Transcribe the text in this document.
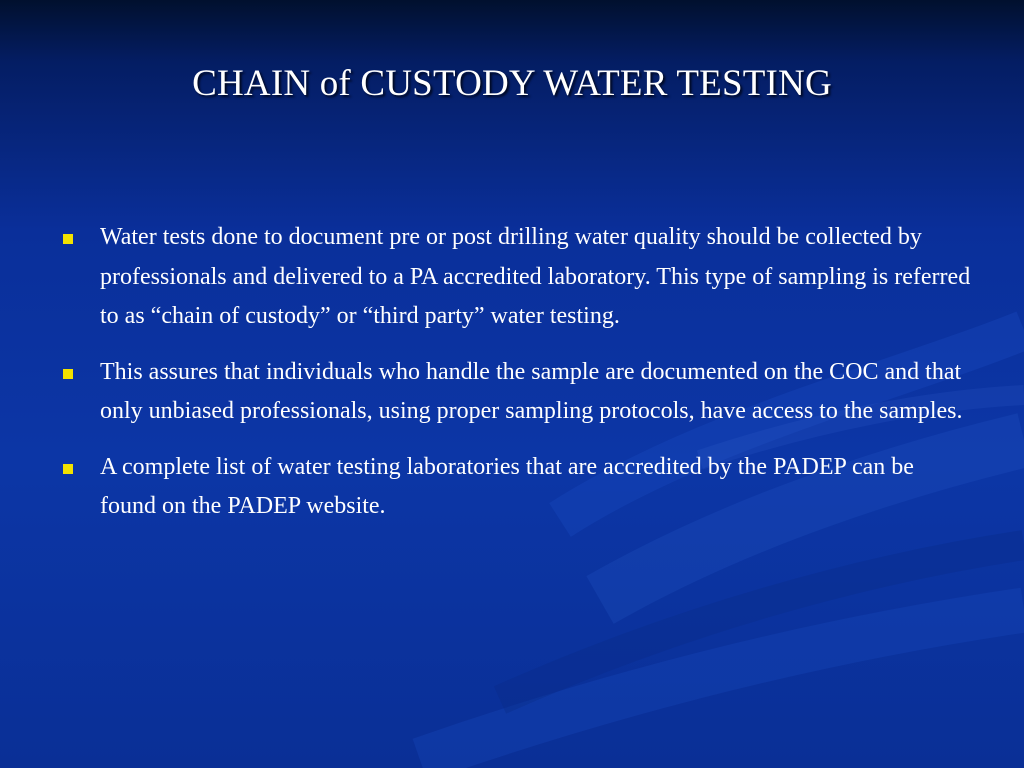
CHAIN of CUSTODY WATER TESTING
Water tests done to document pre or post drilling water quality should be collected by professionals and delivered to a PA accredited laboratory. This type of sampling is referred to as “chain of custody” or “third party” water testing.
This assures that individuals who handle the sample are documented on the COC and that only unbiased professionals, using proper sampling protocols, have access to the samples.
A complete list of water testing laboratories that are accredited by the PADEP can be found on the PADEP website.
